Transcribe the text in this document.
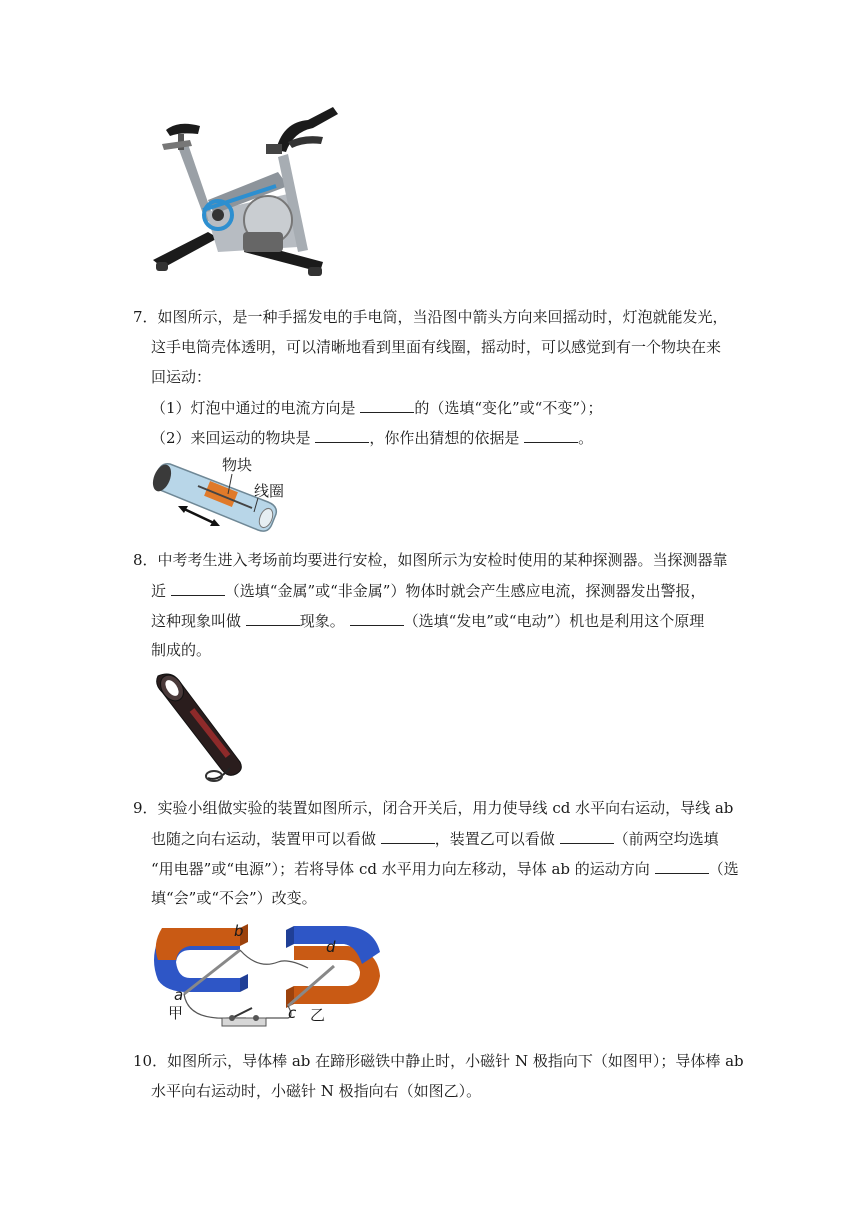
7．如图所示，是一种手摇发电的手电筒，当沿图中箭头方向来回摇动时，灯泡就能发光，
这手电筒壳体透明，可以清晰地看到里面有线圈，摇动时，可以感觉到有一个物块在来
回运动：
（1）灯泡中通过的电流方向是	的（选填“变化”或“不变”）；
（2）来回运动的物块是	，你作出猜想的依据是	。
物块
线圈
8．中考考生进入考场前均要进行安检，如图所示为安检时使用的某种探测器。当探测器靠
近	（选填“金属”或“非金属”）物体时就会产生感应电流，探测器发出警报，
这种现象叫做	现象。	（选填“发电”或“电动”）机也是利用这个原理
制成的。
9．实验小组做实验的装置如图所示，闭合开关后，用力使导线 cd 水平向右运动，导线 ab
也随之向右运动，装置甲可以看做	，装置乙可以看做	（前两空均选填
“用电器”或“电源”）；若将导体 cd 水平用力向左移动，导体 ab 的运动方向	（选
填“会”或“不会”）改变。
b
a
d
c
甲	乙
10．如图所示，导体棒 ab 在蹄形磁铁中静止时，小磁针 N 极指向下（如图甲）；导体棒 ab
水平向右运动时，小磁针 N 极指向右（如图乙）。
